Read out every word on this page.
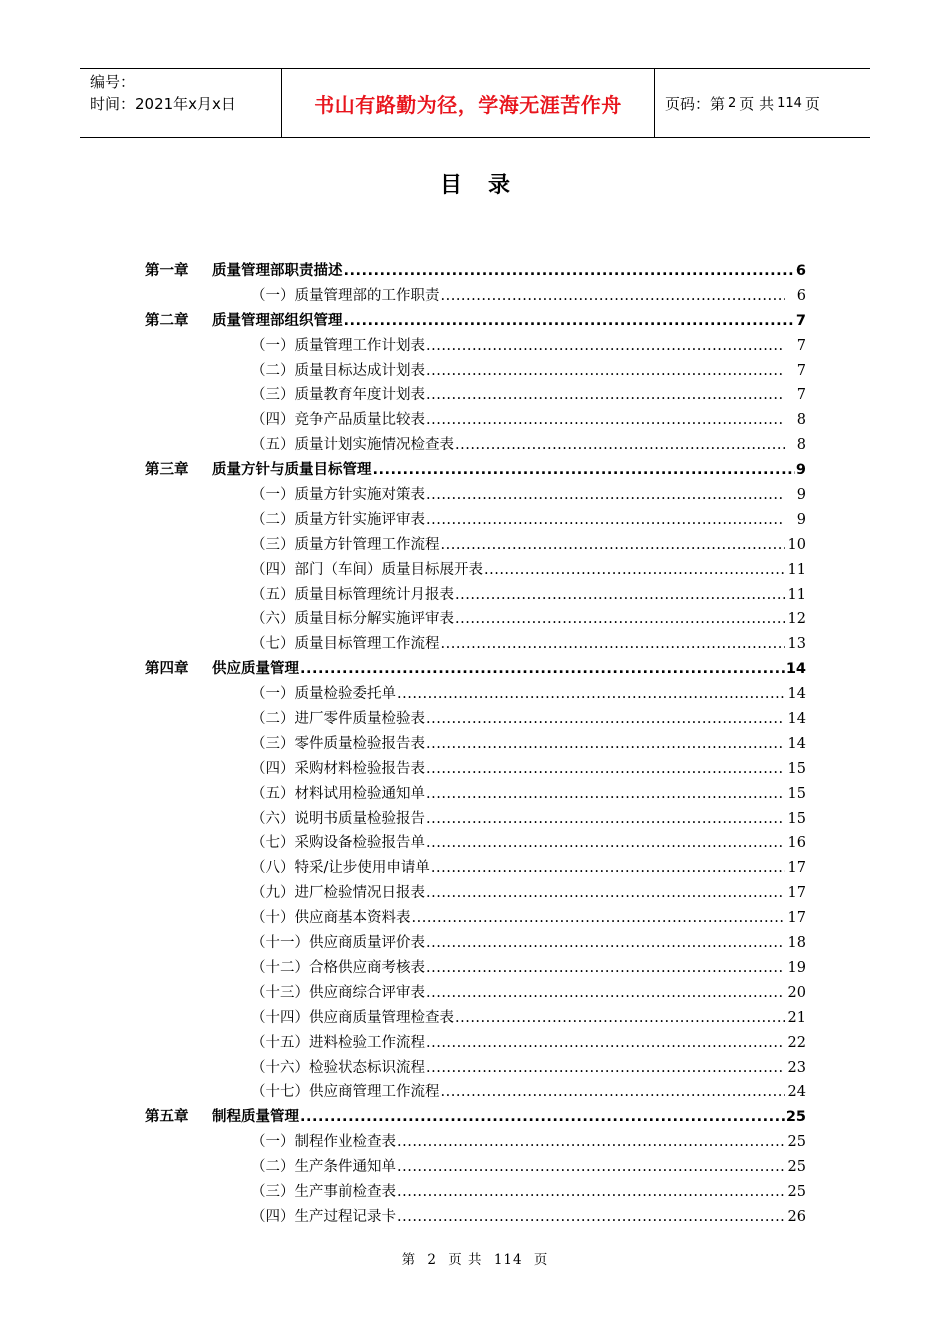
编号：
时间：2021年x月x日	书山有路勤为径，学海无涯苦作舟	页码：第 2 页 共 114 页
目录
第一章 质量管理部职责描述 .....	6
（一）质量管理部的工作职责 .....	6
第二章 质量管理部组织管理 .....	7
（一）质量管理工作计划表 .....	7
（二）质量目标达成计划表 .....	7
（三）质量教育年度计划表 .....	7
（四）竞争产品质量比较表 .....	8
（五）质量计划实施情况检查表 .....	8
第三章 质量方针与质量目标管理 .....	9
（一）质量方针实施对策表 .....	9
（二）质量方针实施评审表 .....	9
（三）质量方针管理工作流程 .....	10
（四）部门（车间）质量目标展开表 .....	11
（五）质量目标管理统计月报表 .....	11
（六）质量目标分解实施评审表 .....	12
（七）质量目标管理工作流程 .....	13
第四章 供应质量管理 .....	14
（一）质量检验委托单 .....	14
（二）进厂零件质量检验表 .....	14
（三）零件质量检验报告表 .....	14
（四）采购材料检验报告表 .....	15
（五）材料试用检验通知单 .....	15
（六）说明书质量检验报告 .....	15
（七）采购设备检验报告单 .....	16
（八）特采/让步使用申请单 .....	17
（九）进厂检验情况日报表 .....	17
（十）供应商基本资料表 .....	17
（十一）供应商质量评价表 .....	18
（十二）合格供应商考核表 .....	19
（十三）供应商综合评审表 .....	20
（十四）供应商质量管理检查表 .....	21
（十五）进料检验工作流程 .....	22
（十六）检验状态标识流程 .....	23
（十七）供应商管理工作流程 .....	24
第五章 制程质量管理 .....	25
（一）制程作业检查表 .....	25
（二）生产条件通知单 .....	25
（三）生产事前检查表 .....	25
（四）生产过程记录卡 .....	26
第 2 页 共 114 页
